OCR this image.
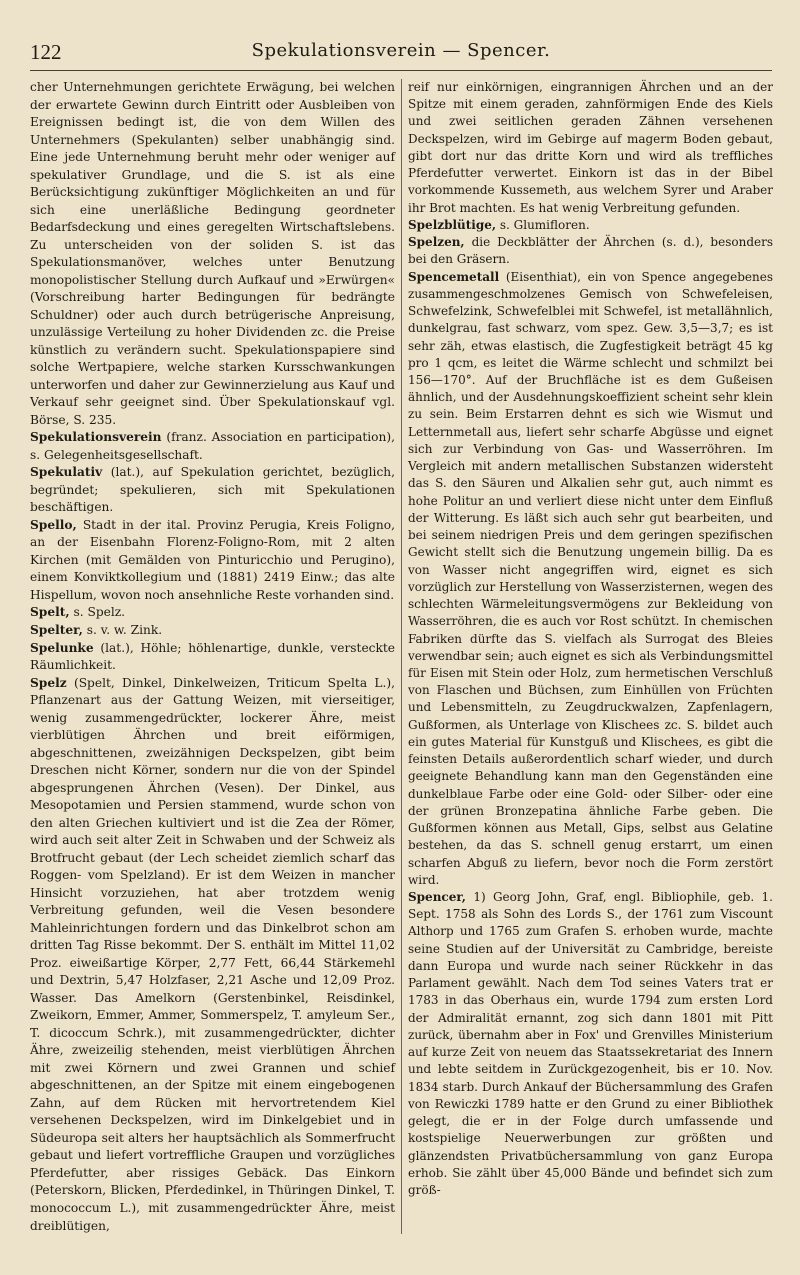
122	Spekulationsverein — Spencer.

cher Unternehmungen gerichtete Erwägung, bei welchen der erwartete Gewinn durch Eintritt oder Ausbleiben von Ereignissen bedingt ist, die von dem Willen des Unternehmers (Spekulanten) selber unabhängig sind. Eine jede Unternehmung beruht mehr oder weniger auf spekulativer Grundlage, und die S. ist als eine Berücksichtigung zukünftiger Möglichkeiten an und für sich eine unerläßliche Bedingung geordneter Bedarfsdeckung und eines geregelten Wirtschaftslebens. Zu unterscheiden von der soliden S. ist das Spekulationsmanöver, welches unter Benutzung monopolistischer Stellung durch Aufkauf und »Erwürgen« (Vorschreibung harter Bedingungen für bedrängte Schuldner) oder auch durch betrügerische Anpreisung, unzulässige Verteilung zu hoher Dividenden zc. die Preise künstlich zu verändern sucht. Spekulationspapiere sind solche Wertpapiere, welche starken Kursschwankungen unterworfen und daher zur Gewinnerzielung aus Kauf und Verkauf sehr geeignet sind. Über Spekulationskauf vgl. Börse, S. 235.

Spekulationsverein (franz. Association en participation), s. Gelegenheitsgesellschaft.

Spekulativ (lat.), auf Spekulation gerichtet, bezüglich, begründet; spekulieren, sich mit Spekulationen beschäftigen.

Spello, Stadt in der ital. Provinz Perugia, Kreis Foligno, an der Eisenbahn Florenz-Foligno-Rom, mit 2 alten Kirchen (mit Gemälden von Pinturicchio und Perugino), einem Konviktkollegium und (1881) 2419 Einw.; das alte Hispellum, wovon noch ansehnliche Reste vorhanden sind.

Spelt, s. Spelz.

Spelter, s. v. w. Zink.

Spelunke (lat.), Höhle; höhlenartige, dunkle, versteckte Räumlichkeit.

Spelz (Spelt, Dinkel, Dinkelweizen, Triticum Spelta L.), Pflanzenart aus der Gattung Weizen, mit vierseitiger, wenig zusammengedrückter, lockerer Ähre, meist vierblütigen Ährchen und breit eiförmigen, abgeschnittenen, zweizähnigen Deckspelzen, gibt beim Dreschen nicht Körner, sondern nur die von der Spindel abgesprungenen Ährchen (Vesen). Der Dinkel, aus Mesopotamien und Persien stammend, wurde schon von den alten Griechen kultiviert und ist die Zea der Römer, wird auch seit alter Zeit in Schwaben und der Schweiz als Brotfrucht gebaut (der Lech scheidet ziemlich scharf das Roggen- vom Spelzland). Er ist dem Weizen in mancher Hinsicht vorzuziehen, hat aber trotzdem wenig Verbreitung gefunden, weil die Vesen besondere Mahleinrichtungen fordern und das Dinkelbrot schon am dritten Tag Risse bekommt. Der S. enthält im Mittel 11,02 Proz. eiweißartige Körper, 2,77 Fett, 66,44 Stärkemehl und Dextrin, 5,47 Holzfaser, 2,21 Asche und 12,09 Proz. Wasser. Das Amelkorn (Gerstenbinkel, Reisdinkel, Zweikorn, Emmer, Ammer, Sommerspelz, T. amyleum Ser., T. dicoccum Schrk.), mit zusammengedrückter, dichter Ähre, zweizeilig stehenden, meist vierblütigen Ährchen mit zwei Körnern und zwei Grannen und schief abgeschnittenen, an der Spitze mit einem eingebogenen Zahn, auf dem Rücken mit hervortretendem Kiel versehenen Deckspelzen, wird im Dinkelgebiet und in Südeuropa seit alters her hauptsächlich als Sommerfrucht gebaut und liefert vortreffliche Graupen und vorzügliches Pferdefutter, aber rissiges Gebäck. Das Einkorn (Peterskorn, Blicken, Pferdedinkel, in Thüringen Dinkel, T. monococcum L.), mit zusammengedrückter Ähre, meist dreiblütigen,

reif nur einkörnigen, eingrannigen Ährchen und an der Spitze mit einem geraden, zahnförmigen Ende des Kiels und zwei seitlichen geraden Zähnen versehenen Deckspelzen, wird im Gebirge auf magerm Boden gebaut, gibt dort nur das dritte Korn und wird als treffliches Pferdefutter verwertet. Einkorn ist das in der Bibel vorkommende Kussemeth, aus welchem Syrer und Araber ihr Brot machten. Es hat wenig Verbreitung gefunden.

Spelzblütige, s. Glumifloren.

Spelzen, die Deckblätter der Ährchen (s. d.), besonders bei den Gräsern.

Spencemetall (Eisenthiat), ein von Spence angegebenes zusammengeschmolzenes Gemisch von Schwefeleisen, Schwefelzink, Schwefelblei mit Schwefel, ist metallähnlich, dunkelgrau, fast schwarz, vom spez. Gew. 3,5—3,7; es ist sehr zäh, etwas elastisch, die Zugfestigkeit beträgt 45 kg pro 1 qcm, es leitet die Wärme schlecht und schmilzt bei 156—170°. Auf der Bruchfläche ist es dem Gußeisen ähnlich, und der Ausdehnungskoeffizient scheint sehr klein zu sein. Beim Erstarren dehnt es sich wie Wismut und Letternmetall aus, liefert sehr scharfe Abgüsse und eignet sich zur Verbindung von Gas- und Wasserröhren. Im Vergleich mit andern metallischen Substanzen widersteht das S. den Säuren und Alkalien sehr gut, auch nimmt es hohe Politur an und verliert diese nicht unter dem Einfluß der Witterung. Es läßt sich auch sehr gut bearbeiten, und bei seinem niedrigen Preis und dem geringen spezifischen Gewicht stellt sich die Benutzung ungemein billig. Da es von Wasser nicht angegriffen wird, eignet es sich vorzüglich zur Herstellung von Wasserzisternen, wegen des schlechten Wärmeleitungsvermögens zur Bekleidung von Wasserröhren, die es auch vor Rost schützt. In chemischen Fabriken dürfte das S. vielfach als Surrogat des Bleies verwendbar sein; auch eignet es sich als Verbindungsmittel für Eisen mit Stein oder Holz, zum hermetischen Verschluß von Flaschen und Büchsen, zum Einhüllen von Früchten und Lebensmitteln, zu Zeugdruckwalzen, Zapfenlagern, Gußformen, als Unterlage von Klischees zc. S. bildet auch ein gutes Material für Kunstguß und Klischees, es gibt die feinsten Details außerordentlich scharf wieder, und durch geeignete Behandlung kann man den Gegenständen eine dunkelblaue Farbe oder eine Gold- oder Silber- oder eine der grünen Bronzepatina ähnliche Farbe geben. Die Gußformen können aus Metall, Gips, selbst aus Gelatine bestehen, da das S. schnell genug erstarrt, um einen scharfen Abguß zu liefern, bevor noch die Form zerstört wird.

Spencer, 1) Georg John, Graf, engl. Bibliophile, geb. 1. Sept. 1758 als Sohn des Lords S., der 1761 zum Viscount Althorp und 1765 zum Grafen S. erhoben wurde, machte seine Studien auf der Universität zu Cambridge, bereiste dann Europa und wurde nach seiner Rückkehr in das Parlament gewählt. Nach dem Tod seines Vaters trat er 1783 in das Oberhaus ein, wurde 1794 zum ersten Lord der Admiralität ernannt, zog sich dann 1801 mit Pitt zurück, übernahm aber in Fox' und Grenvilles Ministerium auf kurze Zeit von neuem das Staatssekretariat des Innern und lebte seitdem in Zurückgezogenheit, bis er 10. Nov. 1834 starb. Durch Ankauf der Büchersammlung des Grafen von Rewiczki 1789 hatte er den Grund zu einer Bibliothek gelegt, die er in der Folge durch umfassende und kostspielige Neuerwerbungen zur größten und glänzendsten Privatbüchersammlung von ganz Europa erhob. Sie zählt über 45,000 Bände und befindet sich zum größ-
